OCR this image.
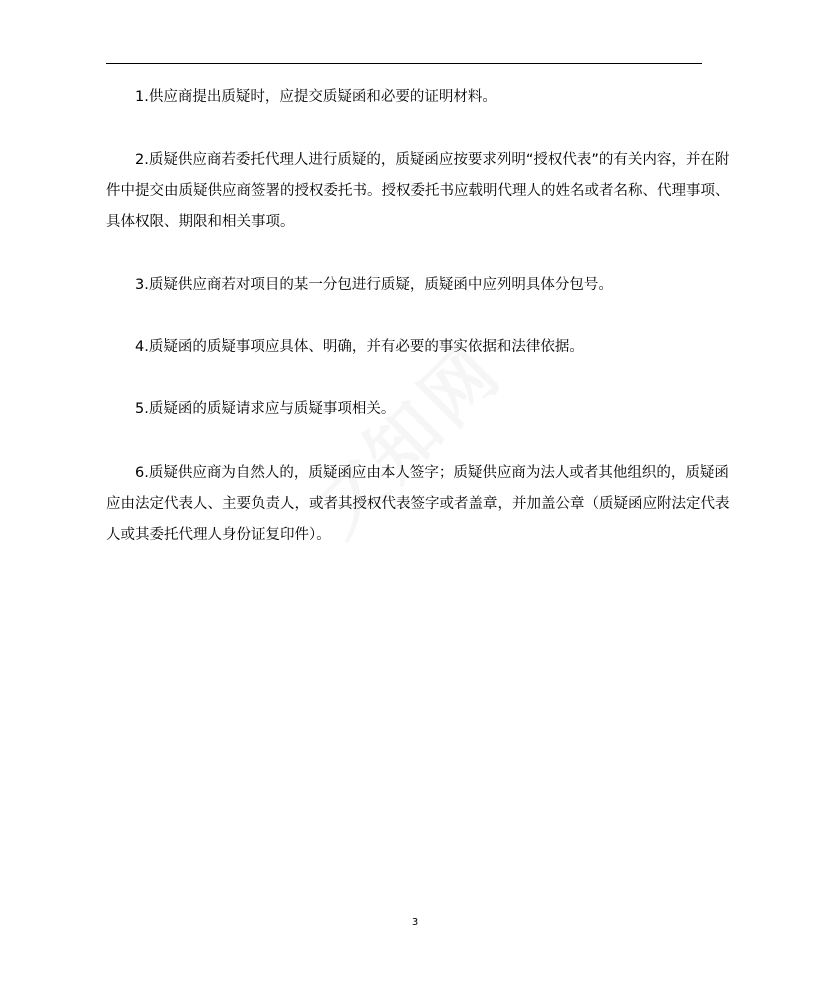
1.供应商提出质疑时，应提交质疑函和必要的证明材料。

2.质疑供应商若委托代理人进行质疑的，质疑函应按要求列明“授权代表”的有关内容，并在附件中提交由质疑供应商签署的授权委托书。授权委托书应载明代理人的姓名或者名称、代理事项、具体权限、期限和相关事项。

3.质疑供应商若对项目的某一分包进行质疑，质疑函中应列明具体分包号。

4.质疑函的质疑事项应具体、明确，并有必要的事实依据和法律依据。

5.质疑函的质疑请求应与质疑事项相关。

6.质疑供应商为自然人的，质疑函应由本人签字；质疑供应商为法人或者其他组织的，质疑函应由法定代表人、主要负责人，或者其授权代表签字或者盖章，并加盖公章（质疑函应附法定代表人或其委托代理人身份证复印件）。

3
